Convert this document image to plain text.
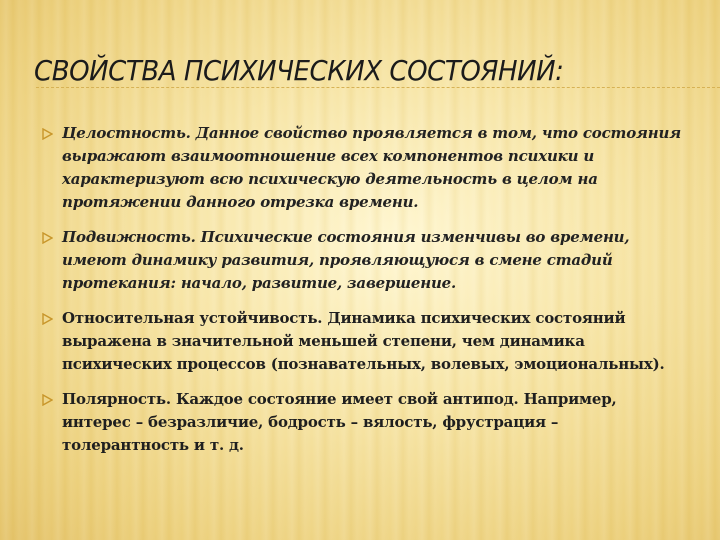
СВОЙСТВА ПСИХИЧЕСКИХ СОСТОЯНИЙ:
Целостность. Данное свойство проявляется в том, что состояния выражают взаимоотношение всех компонентов психики и характеризуют всю психическую деятельность в целом на протяжении данного отрезка времени.
Подвижность. Психические состояния изменчивы во времени, имеют динамику развития, проявляющуюся в смене стадий протекания: начало, развитие, завершение.
Относительная устойчивость. Динамика психических состояний выражена в значительной меньшей степени, чем динамика психических процессов (познавательных, волевых, эмоциональных).
Полярность. Каждое состояние имеет свой антипод. Например, интерес – безразличие, бодрость – вялость, фрустрация – толерантность и т. д.
